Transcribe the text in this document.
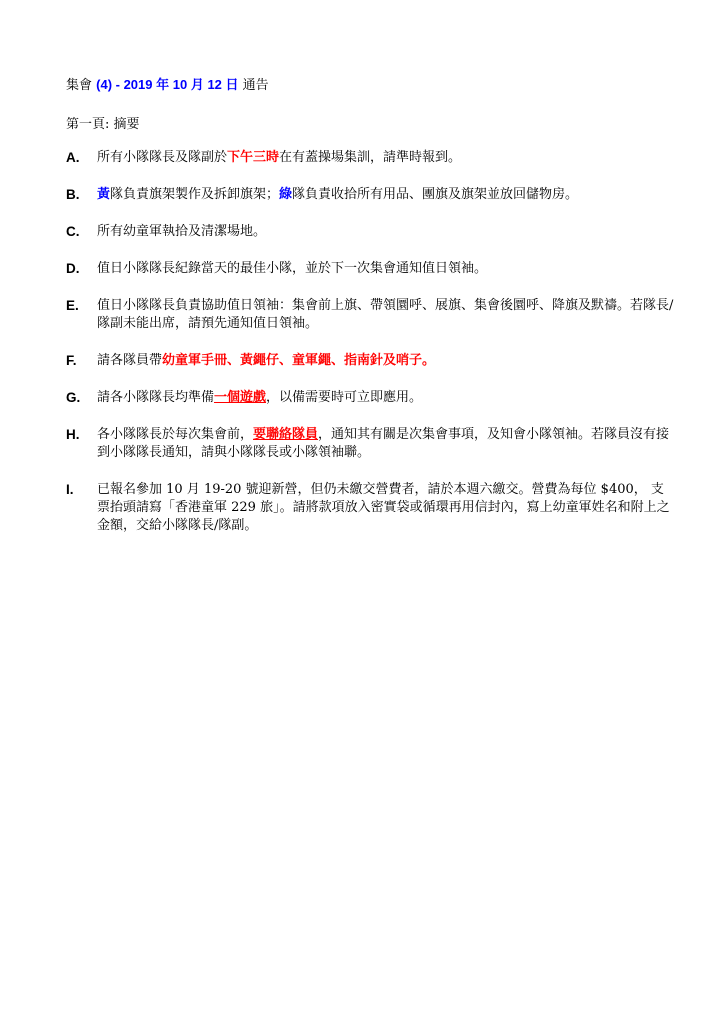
集會 (4) - 2019 年 10 月 12 日 通告
第一頁: 摘要
A. 所有小隊隊長及隊副於下午三時在有蓋操場集訓，請準時報到。
B. 黃隊負責旗架製作及拆卸旗架；綠隊負責收拾所有用品、團旗及旗架並放回儲物房。
C. 所有幼童軍執拾及清潔場地。
D. 值日小隊隊長紀錄當天的最佳小隊，並於下一次集會通知值日領袖。
E. 值日小隊隊長負責協助值日領袖：集會前上旗、帶領圜呼、展旗、集會後圜呼、降旗及默禱。若隊長/隊副未能出席，請預先通知值日領袖。
F. 請各隊員帶幼童軍手冊、黃繩仔、童軍繩、指南針及哨子。
G. 請各小隊隊長均準備一個遊戲，以備需要時可立即應用。
H. 各小隊隊長於每次集會前，要聯絡隊員，通知其有關是次集會事項，及知會小隊領袖。若隊員沒有接到小隊隊長通知，請與小隊隊長或小隊領袖聯。
I. 已報名參加 10 月 19-20 號迎新營，但仍未繳交營費者，請於本週六繳交。營費為每位 $400， 支票抬頭請寫「香港童軍 229 旅」。請將款項放入密實袋或循環再用信封內，寫上幼童軍姓名和附上之金額，交給小隊隊長/隊副。
